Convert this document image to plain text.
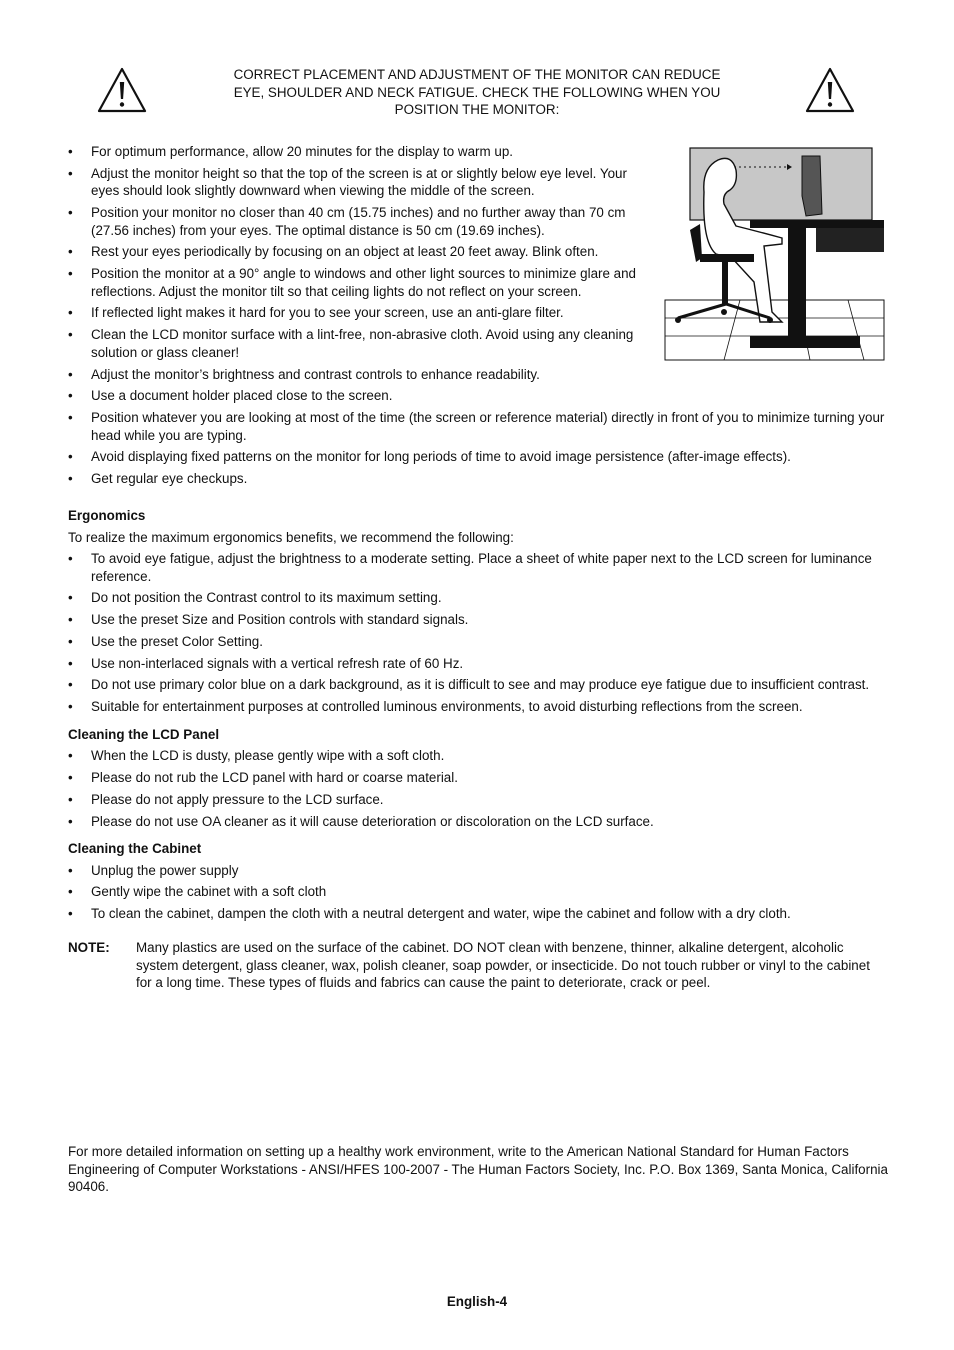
CORRECT PLACEMENT AND ADJUSTMENT OF THE MONITOR CAN REDUCE EYE, SHOULDER AND NECK FATIGUE. CHECK THE FOLLOWING WHEN YOU POSITION THE MONITOR:
• For optimum performance, allow 20 minutes for the display to warm up.
• Adjust the monitor height so that the top of the screen is at or slightly below eye level. Your eyes should look slightly downward when viewing the middle of the screen.
• Position your monitor no closer than 40 cm (15.75 inches) and no further away than 70 cm (27.56 inches) from your eyes. The optimal distance is 50 cm (19.69 inches).
• Rest your eyes periodically by focusing on an object at least 20 feet away. Blink often.
• Position the monitor at a 90° angle to windows and other light sources to minimize glare and reflections. Adjust the monitor tilt so that ceiling lights do not reflect on your screen.
• If reflected light makes it hard for you to see your screen, use an anti-glare filter.
• Clean the LCD monitor surface with a lint-free, non-abrasive cloth. Avoid using any cleaning solution or glass cleaner!
• Adjust the monitor’s brightness and contrast controls to enhance readability.
• Use a document holder placed close to the screen.
• Position whatever you are looking at most of the time (the screen or reference material) directly in front of you to minimize turning your head while you are typing.
• Avoid displaying fixed patterns on the monitor for long periods of time to avoid image persistence (after-image effects).
• Get regular eye checkups.
Ergonomics
To realize the maximum ergonomics benefits, we recommend the following:
• To avoid eye fatigue, adjust the brightness to a moderate setting. Place a sheet of white paper next to the LCD screen for luminance reference.
• Do not position the Contrast control to its maximum setting.
• Use the preset Size and Position controls with standard signals.
• Use the preset Color Setting.
• Use non-interlaced signals with a vertical refresh rate of 60 Hz.
• Do not use primary color blue on a dark background, as it is difficult to see and may produce eye fatigue due to insufficient contrast.
• Suitable for entertainment purposes at controlled luminous environments, to avoid disturbing reflections from the screen.
Cleaning the LCD Panel
• When the LCD is dusty, please gently wipe with a soft cloth.
• Please do not rub the LCD panel with hard or coarse material.
• Please do not apply pressure to the LCD surface.
• Please do not use OA cleaner as it will cause deterioration or discoloration on the LCD surface.
Cleaning the Cabinet
• Unplug the power supply
• Gently wipe the cabinet with a soft cloth
• To clean the cabinet, dampen the cloth with a neutral detergent and water, wipe the cabinet and follow with a dry cloth.
NOTE: Many plastics are used on the surface of the cabinet. DO NOT clean with benzene, thinner, alkaline detergent, alcoholic system detergent, glass cleaner, wax, polish cleaner, soap powder, or insecticide. Do not touch rubber or vinyl to the cabinet for a long time. These types of fluids and fabrics can cause the paint to deteriorate, crack or peel.
For more detailed information on setting up a healthy work environment, write to the American National Standard for Human Factors Engineering of Computer Workstations - ANSI/HFES 100-2007 - The Human Factors Society, Inc. P.O. Box 1369, Santa Monica, California 90406.
English-4
